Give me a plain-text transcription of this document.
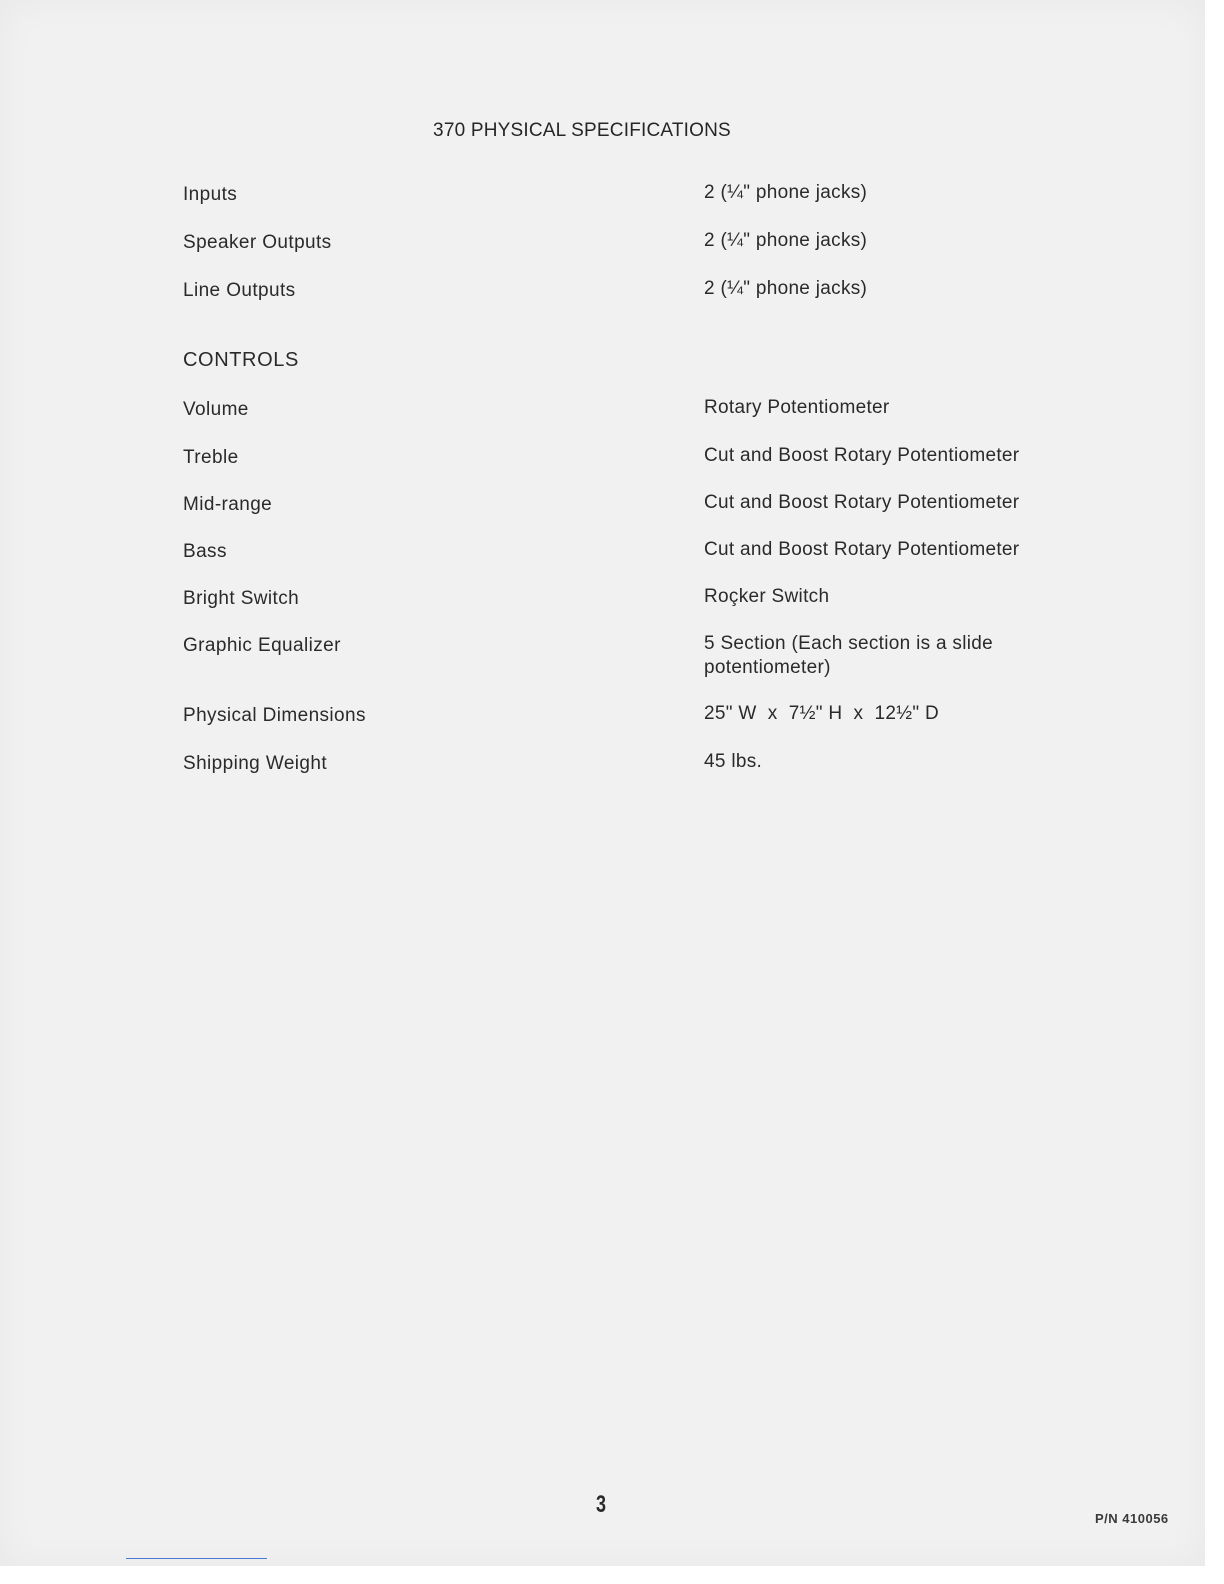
370 PHYSICAL SPECIFICATIONS
Inputs	2 (¼" phone jacks)
Speaker Outputs	2 (¼" phone jacks)
Line Outputs	2 (¼" phone jacks)
CONTROLS
Volume	Rotary Potentiometer
Treble	Cut and Boost Rotary Potentiometer
Mid-range	Cut and Boost Rotary Potentiometer
Bass	Cut and Boost Rotary Potentiometer
Bright Switch	Roçker Switch
Graphic Equalizer	5 Section (Each section is a slide potentiometer)
Physical Dimensions	25" W  x  7½" H  x  12½" D
Shipping Weight	45 lbs.
3
P/N 410056
